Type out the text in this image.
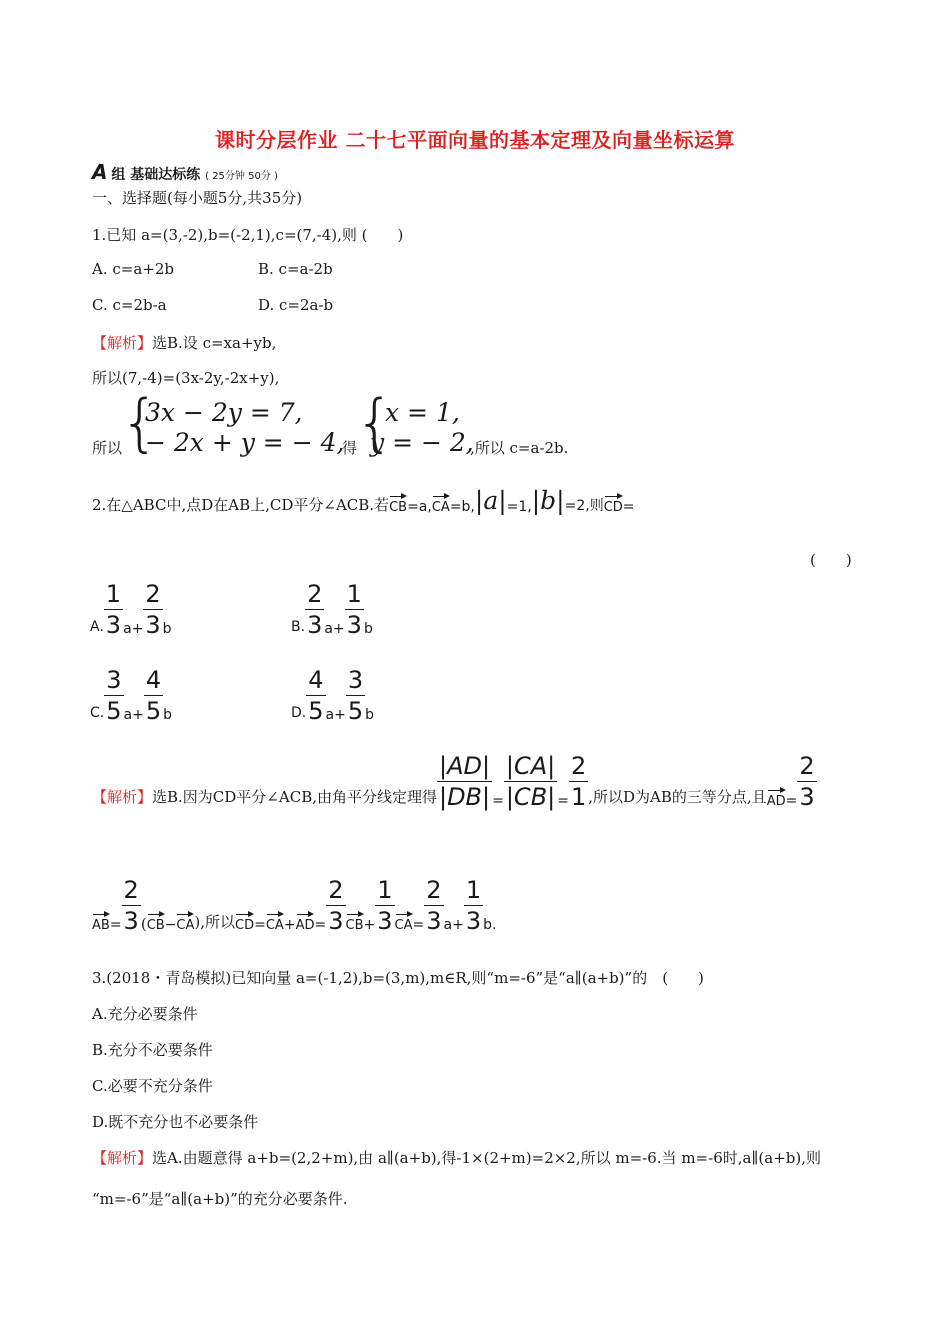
课时分层作业 二十七平面向量的基本定理及向量坐标运算
A 组 基础达标练 ( 25分钟 50分 )
一、选择题(每小题5分,共35分)
1.已知 a=(3,-2),b=(-2,1),c=(7,-4),则 (　　)
A. c=a+2b	B. c=a-2b
C. c=2b-a	D. c=2a-b
【解析】选B.设 c=xa+yb,
所以(7,-4)=(3x-2y,-2x+y),
所以
{
3x − 2y = 7,
− 2x + y = − 4,
得
{
x = 1,
y = − 2,
,所以 c=a-2b.
2.在△ABC中,点D在AB上,CD平分∠ACB.若 CB =a, CA =b, |a| =1, |b| =2,则 CD =
(　　)
A. $\frac{1}{3} a+ \frac{2}{3}$ b	B. $\frac{2}{3} a+ \frac{1}{3}$ b
C. $\frac{3}{5} a+ \frac{4}{5}$ b	D. $\frac{4}{5} a+ \frac{3}{5}$ b
【解析】 选B.因为CD平分∠ACB,由角平分线定理得 $\frac{|AD|}{|DB|} = \frac{|CA|}{|CB|} = \frac{2}{1}$ ,所以D为AB的三等分点,且 AD = $\frac{2}{3}$
AB = $\frac{2}{3}$ ( CB − CA ),所以 CD = CA + AD = $\frac{2}{3}$ CB + $\frac{1}{3}$ CA = $\frac{2}{3} a+ \frac{1}{3} b$.
3.(2018・青岛模拟)已知向量 a=(-1,2),b=(3,m),m∈R,则“m=-6”是“a∥(a+b)”的　(　　)
A.充分必要条件
B.充分不必要条件
C.必要不充分条件
D.既不充分也不必要条件
【解析】选A.由题意得 a+b=(2,2+m),由 a∥(a+b),得-1×(2+m)=2×2,所以 m=-6.当 m=-6时,a∥(a+b),则
“m=-6”是“a∥(a+b)”的充分必要条件.
